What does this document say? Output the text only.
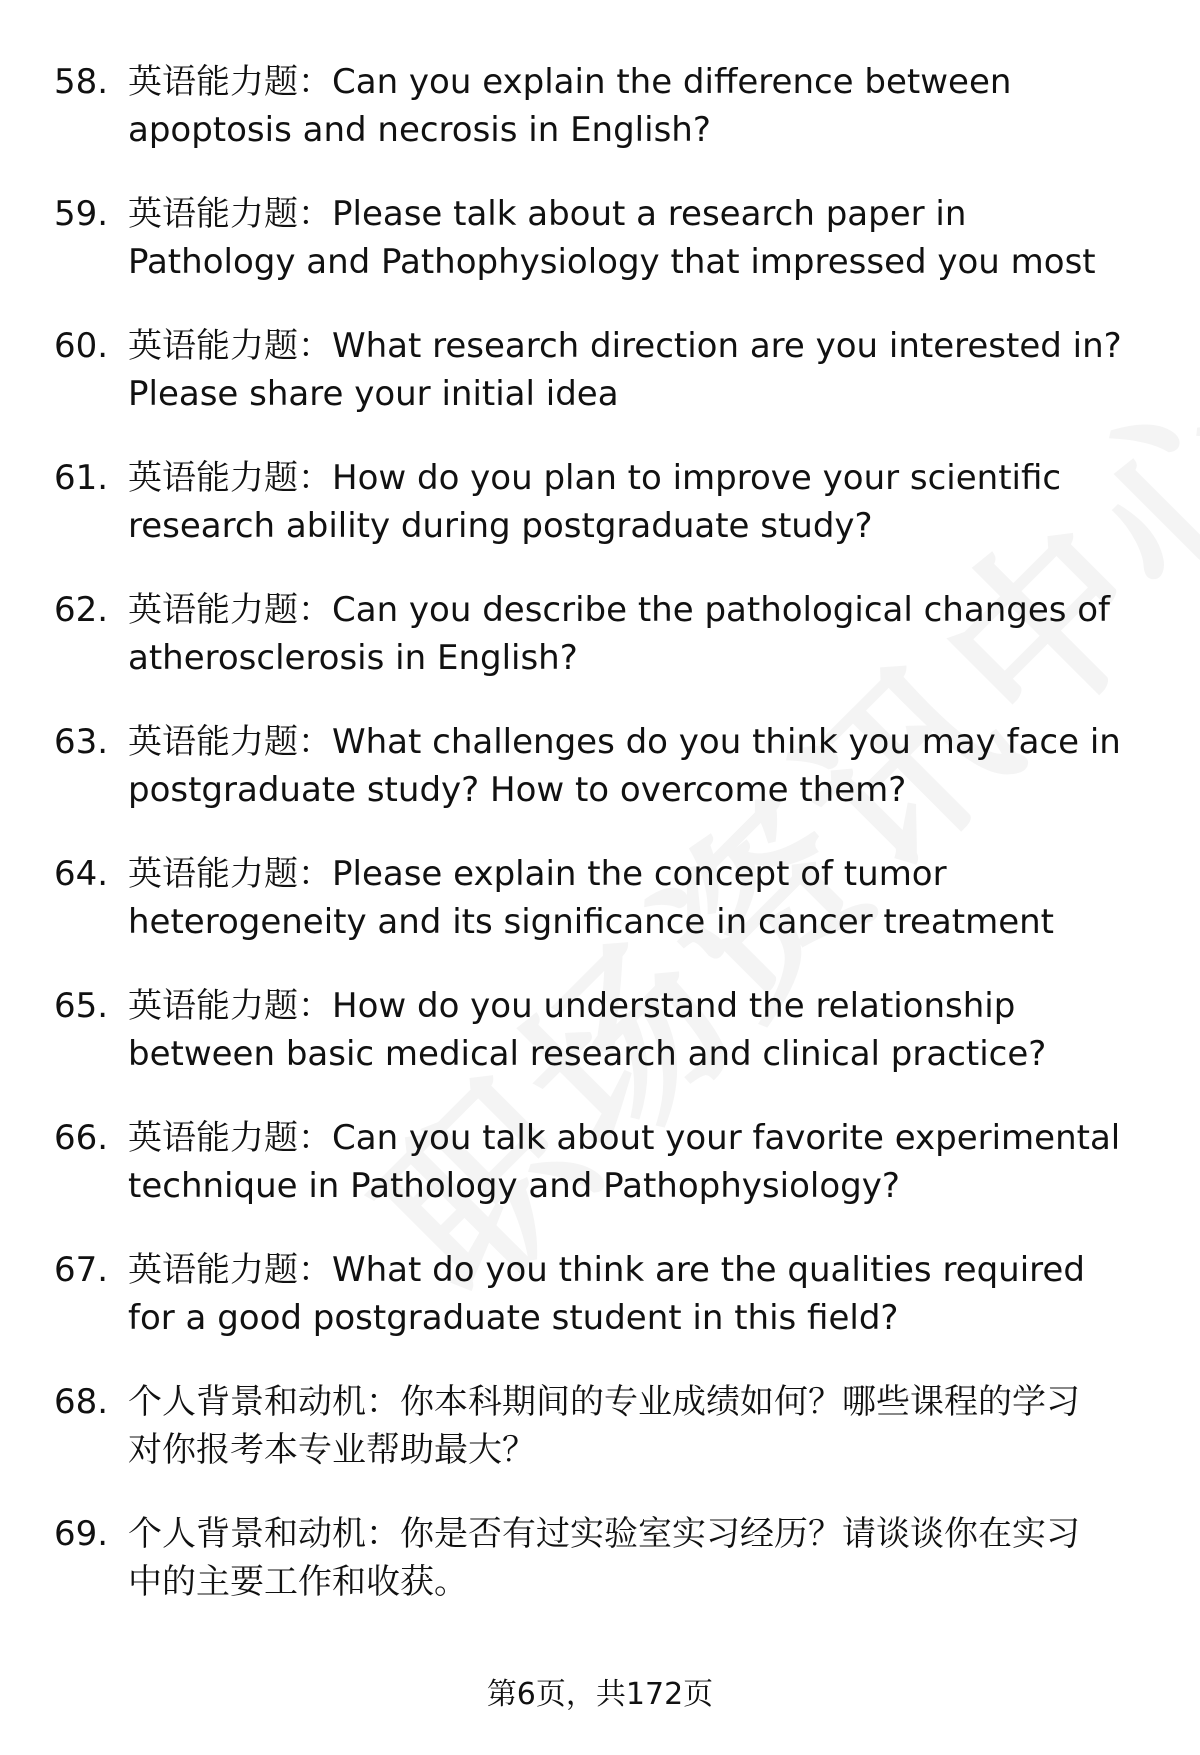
58. 英语能力题：Can you explain the difference between
apoptosis and necrosis in English?
59. 英语能力题：Please talk about a research paper in
Pathology and Pathophysiology that impressed you most
60. 英语能力题：What research direction are you interested in?
Please share your initial idea
61. 英语能力题：How do you plan to improve your scientific
research ability during postgraduate study?
62. 英语能力题：Can you describe the pathological changes of
atherosclerosis in English?
63. 英语能力题：What challenges do you think you may face in
postgraduate study? How to overcome them?
64. 英语能力题：Please explain the concept of tumor
heterogeneity and its significance in cancer treatment
65. 英语能力题：How do you understand the relationship
between basic medical research and clinical practice?
66. 英语能力题：Can you talk about your favorite experimental
technique in Pathology and Pathophysiology?
67. 英语能力题：What do you think are the qualities required
for a good postgraduate student in this field?
68. 个人背景和动机：你本科期间的专业成绩如何？哪些课程的学习
对你报考本专业帮助最大？
69. 个人背景和动机：你是否有过实验室实习经历？请谈谈你在实习
中的主要工作和收获。
第6页，共172页
